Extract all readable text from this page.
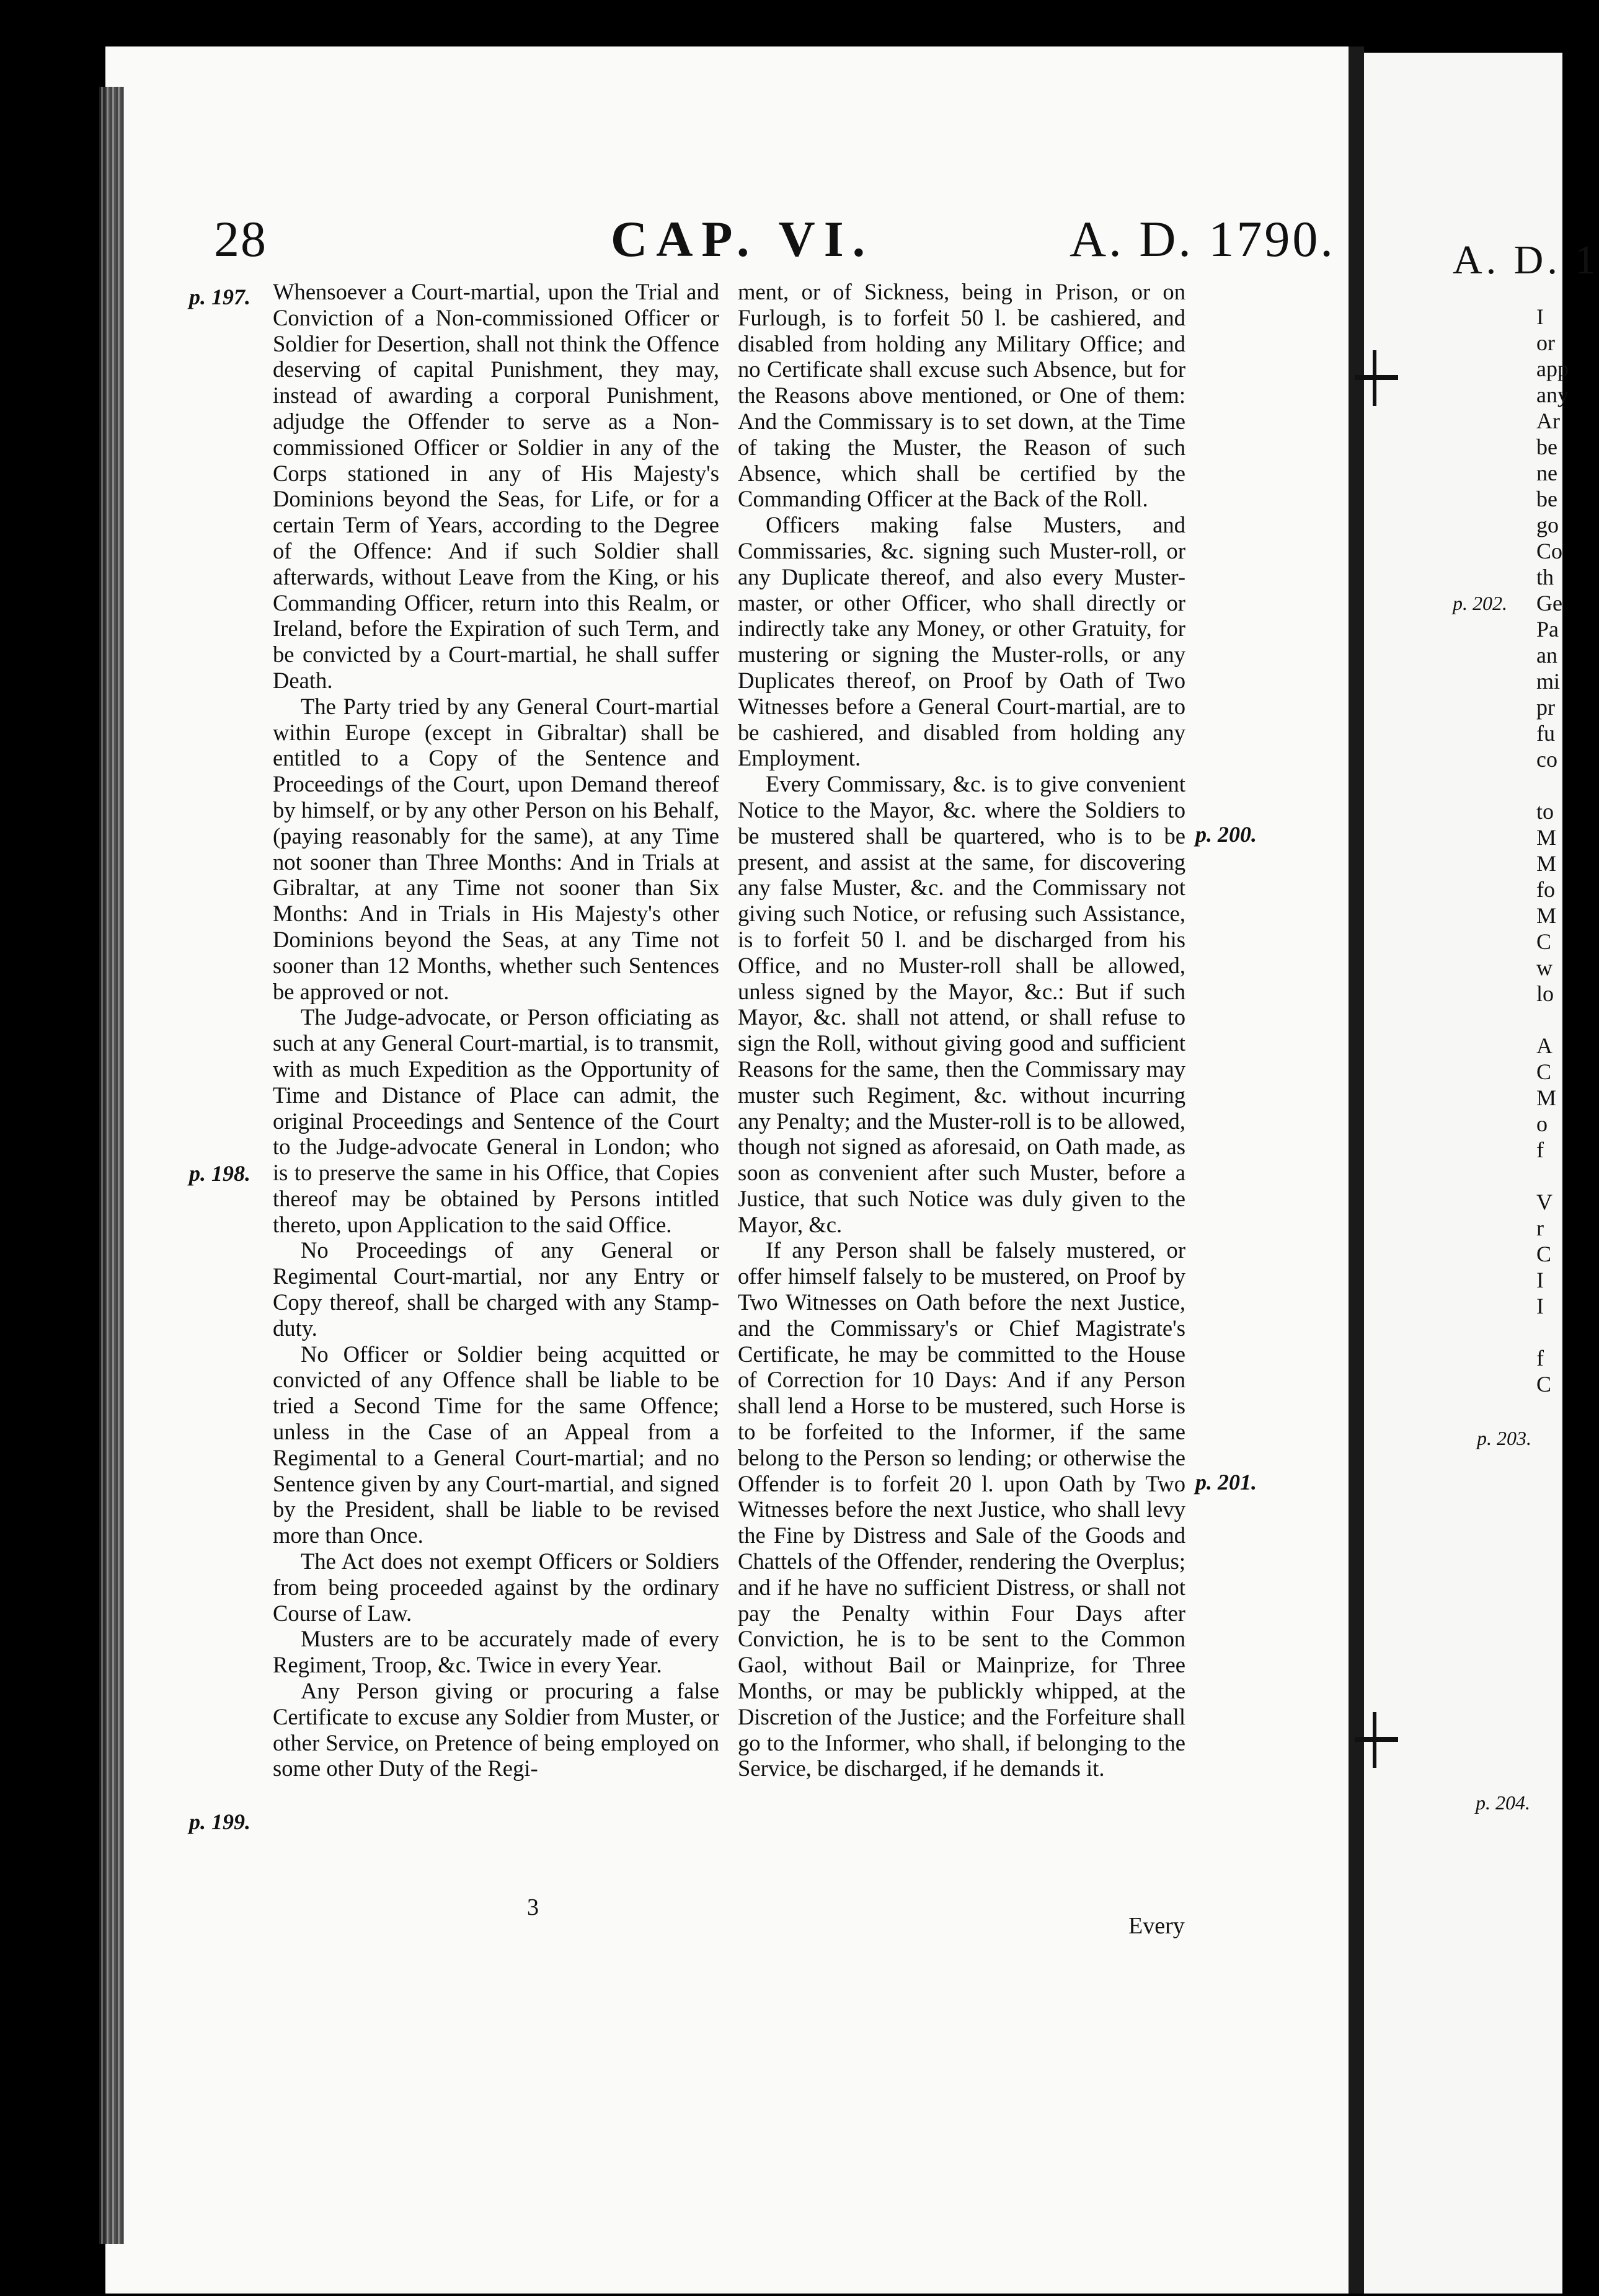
28	CAP. VI.	A. D. 1790.
p. 197.
p. 198.
p. 199.
p. 200.
p. 201.

Whensoever a Court-martial, upon the Trial and Conviction of a Non-commissioned Officer or Soldier for Desertion, shall not think the Offence deserving of capital Punishment, they may, instead of awarding a corporal Punishment, adjudge the Offender to serve as a Non-commissioned Officer or Soldier in any of the Corps stationed in any of His Majesty's Dominions beyond the Seas, for Life, or for a certain Term of Years, according to the Degree of the Offence: And if such Soldier shall afterwards, without Leave from the King, or his Commanding Officer, return into this Realm, or Ireland, before the Expiration of such Term, and be convicted by a Court-martial, he shall suffer Death.

The Party tried by any General Court-martial within Europe (except in Gibraltar) shall be entitled to a Copy of the Sentence and Proceedings of the Court, upon Demand thereof by himself, or by any other Person on his Behalf, (paying reasonably for the same), at any Time not sooner than Three Months: And in Trials at Gibraltar, at any Time not sooner than Six Months: And in Trials in His Majesty's other Dominions beyond the Seas, at any Time not sooner than 12 Months, whether such Sentences be approved or not.

The Judge-advocate, or Person officiating as such at any General Court-martial, is to transmit, with as much Expedition as the Opportunity of Time and Distance of Place can admit, the original Proceedings and Sentence of the Court to the Judge-advocate General in London; who is to preserve the same in his Office, that Copies thereof may be obtained by Persons intitled thereto, upon Application to the said Office.

No Proceedings of any General or Regimental Court-martial, nor any Entry or Copy thereof, shall be charged with any Stamp-duty.

No Officer or Soldier being acquitted or convicted of any Offence shall be liable to be tried a Second Time for the same Offence; unless in the Case of an Appeal from a Regimental to a General Court-martial; and no Sentence given by any Court-martial, and signed by the President, shall be liable to be revised more than Once.

The Act does not exempt Officers or Soldiers from being proceeded against by the ordinary Course of Law.

Musters are to be accurately made of every Regiment, Troop, &c. Twice in every Year.

Any Person giving or procuring a false Certificate to excuse any Soldier from Muster, or other Service, on Pretence of being employed on some other Duty of the Regi-

ment, or of Sickness, being in Prison, or on Furlough, is to forfeit 50 l. be cashiered, and disabled from holding any Military Office; and no Certificate shall excuse such Absence, but for the Reasons above mentioned, or One of them: And the Commissary is to set down, at the Time of taking the Muster, the Reason of such Absence, which shall be certified by the Commanding Officer at the Back of the Roll.

Officers making false Musters, and Commissaries, &c. signing such Muster-roll, or any Duplicate thereof, and also every Muster-master, or other Officer, who shall directly or indirectly take any Money, or other Gratuity, for mustering or signing the Muster-rolls, or any Duplicates thereof, on Proof by Oath of Two Witnesses before a General Court-martial, are to be cashiered, and disabled from holding any Employment.

Every Commissary, &c. is to give convenient Notice to the Mayor, &c. where the Soldiers to be mustered shall be quartered, who is to be present, and assist at the same, for discovering any false Muster, &c. and the Commissary not giving such Notice, or refusing such Assistance, is to forfeit 50 l. and be discharged from his Office, and no Muster-roll shall be allowed, unless signed by the Mayor, &c.: But if such Mayor, &c. shall not attend, or shall refuse to sign the Roll, without giving good and sufficient Reasons for the same, then the Commissary may muster such Regiment, &c. without incurring any Penalty; and the Muster-roll is to be allowed, though not signed as aforesaid, on Oath made, as soon as convenient after such Muster, before a Justice, that such Notice was duly given to the Mayor, &c.

If any Person shall be falsely mustered, or offer himself falsely to be mustered, on Proof by Two Witnesses on Oath before the next Justice, and the Commissary's or Chief Magistrate's Certificate, he may be committed to the House of Correction for 10 Days: And if any Person shall lend a Horse to be mustered, such Horse is to be forfeited to the Informer, if the same belong to the Person so lending; or otherwise the Offender is to forfeit 20 l. upon Oath by Two Witnesses before the next Justice, who shall levy the Fine by Distress and Sale of the Goods and Chattels of the Offender, rendering the Overplus; and if he have no sufficient Distress, or shall not pay the Penalty within Four Days after Conviction, he is to be sent to the Common Gaol, without Bail or Mainprize, for Three Months, or may be publickly whipped, at the Discretion of the Justice; and the Forfeiture shall go to the Informer, who shall, if belonging to the Service, be discharged, if he demands it.

3
Every
A. D. 1
p. 202.
p. 203.
p. 204.
I
or
app
any
Ar
be
ne
be
go
Co
th
Ge
Pa
an
mi
pr
fu
co

to
M
M
fo
M
C
w
lo

A
C
M
o
f

V
r
C
I
I

f
C
